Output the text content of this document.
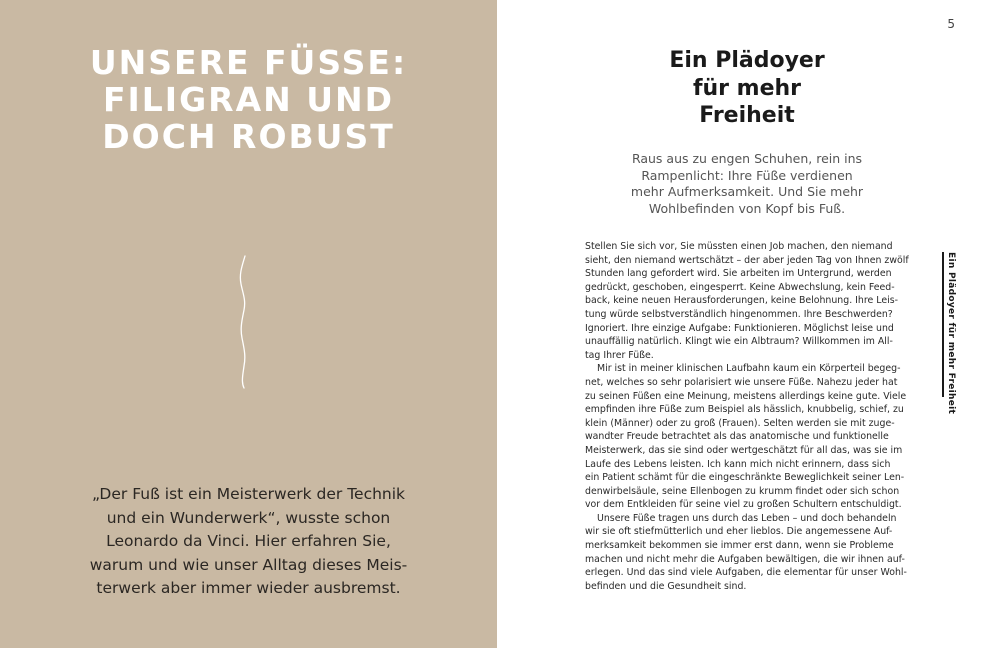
UNSERE FÜSSE:
FILIGRAN UND
DOCH ROBUST
„Der Fuß ist ein Meisterwerk der Technik
und ein Wunderwerk“, wusste schon
Leonardo da Vinci. Hier erfahren Sie,
warum und wie unser Alltag dieses Meis-
terwerk aber immer wieder ausbremst.
5
Ein Plädoyer
für mehr
Freiheit
Raus aus zu engen Schuhen, rein ins
Rampenlicht: Ihre Füße verdienen
mehr Aufmerksamkeit. Und Sie mehr
Wohlbefinden von Kopf bis Fuß.

Stellen Sie sich vor, Sie müssten einen Job machen, den niemand
sieht, den niemand wertschätzt – der aber jeden Tag von Ihnen zwölf
Stunden lang gefordert wird. Sie arbeiten im Untergrund, werden
gedrückt, geschoben, eingesperrt. Keine Abwechslung, kein Feed-
back, keine neuen Herausforderungen, keine Belohnung. Ihre Leis-
tung würde selbstverständlich hingenommen. Ihre Beschwerden?
Ignoriert. Ihre einzige Aufgabe: Funktionieren. Möglichst leise und
unauffällig natürlich. Klingt wie ein Albtraum? Willkommen im All-
tag Ihrer Füße.

Mir ist in meiner klinischen Laufbahn kaum ein Körperteil begeg-
net, welches so sehr polarisiert wie unsere Füße. Nahezu jeder hat
zu seinen Füßen eine Meinung, meistens allerdings keine gute. Viele
empfinden ihre Füße zum Beispiel als hässlich, knubbelig, schief, zu
klein (Männer) oder zu groß (Frauen). Selten werden sie mit zuge-
wandter Freude betrachtet als das anatomische und funktionelle
Meisterwerk, das sie sind oder wertgeschätzt für all das, was sie im
Laufe des Lebens leisten. Ich kann mich nicht erinnern, dass sich
ein Patient schämt für die eingeschränkte Beweglichkeit seiner Len-
denwirbelsäule, seine Ellenbogen zu krumm findet oder sich schon
vor dem Entkleiden für seine viel zu großen Schultern entschuldigt.

Unsere Füße tragen uns durch das Leben – und doch behandeln
wir sie oft stiefmütterlich und eher lieblos. Die angemessene Auf-
merksamkeit bekommen sie immer erst dann, wenn sie Probleme
machen und nicht mehr die Aufgaben bewältigen, die wir ihnen auf-
erlegen. Und das sind viele Aufgaben, die elementar für unser Wohl-
befinden und die Gesundheit sind.

Ein Plädoyer für mehr Freiheit
